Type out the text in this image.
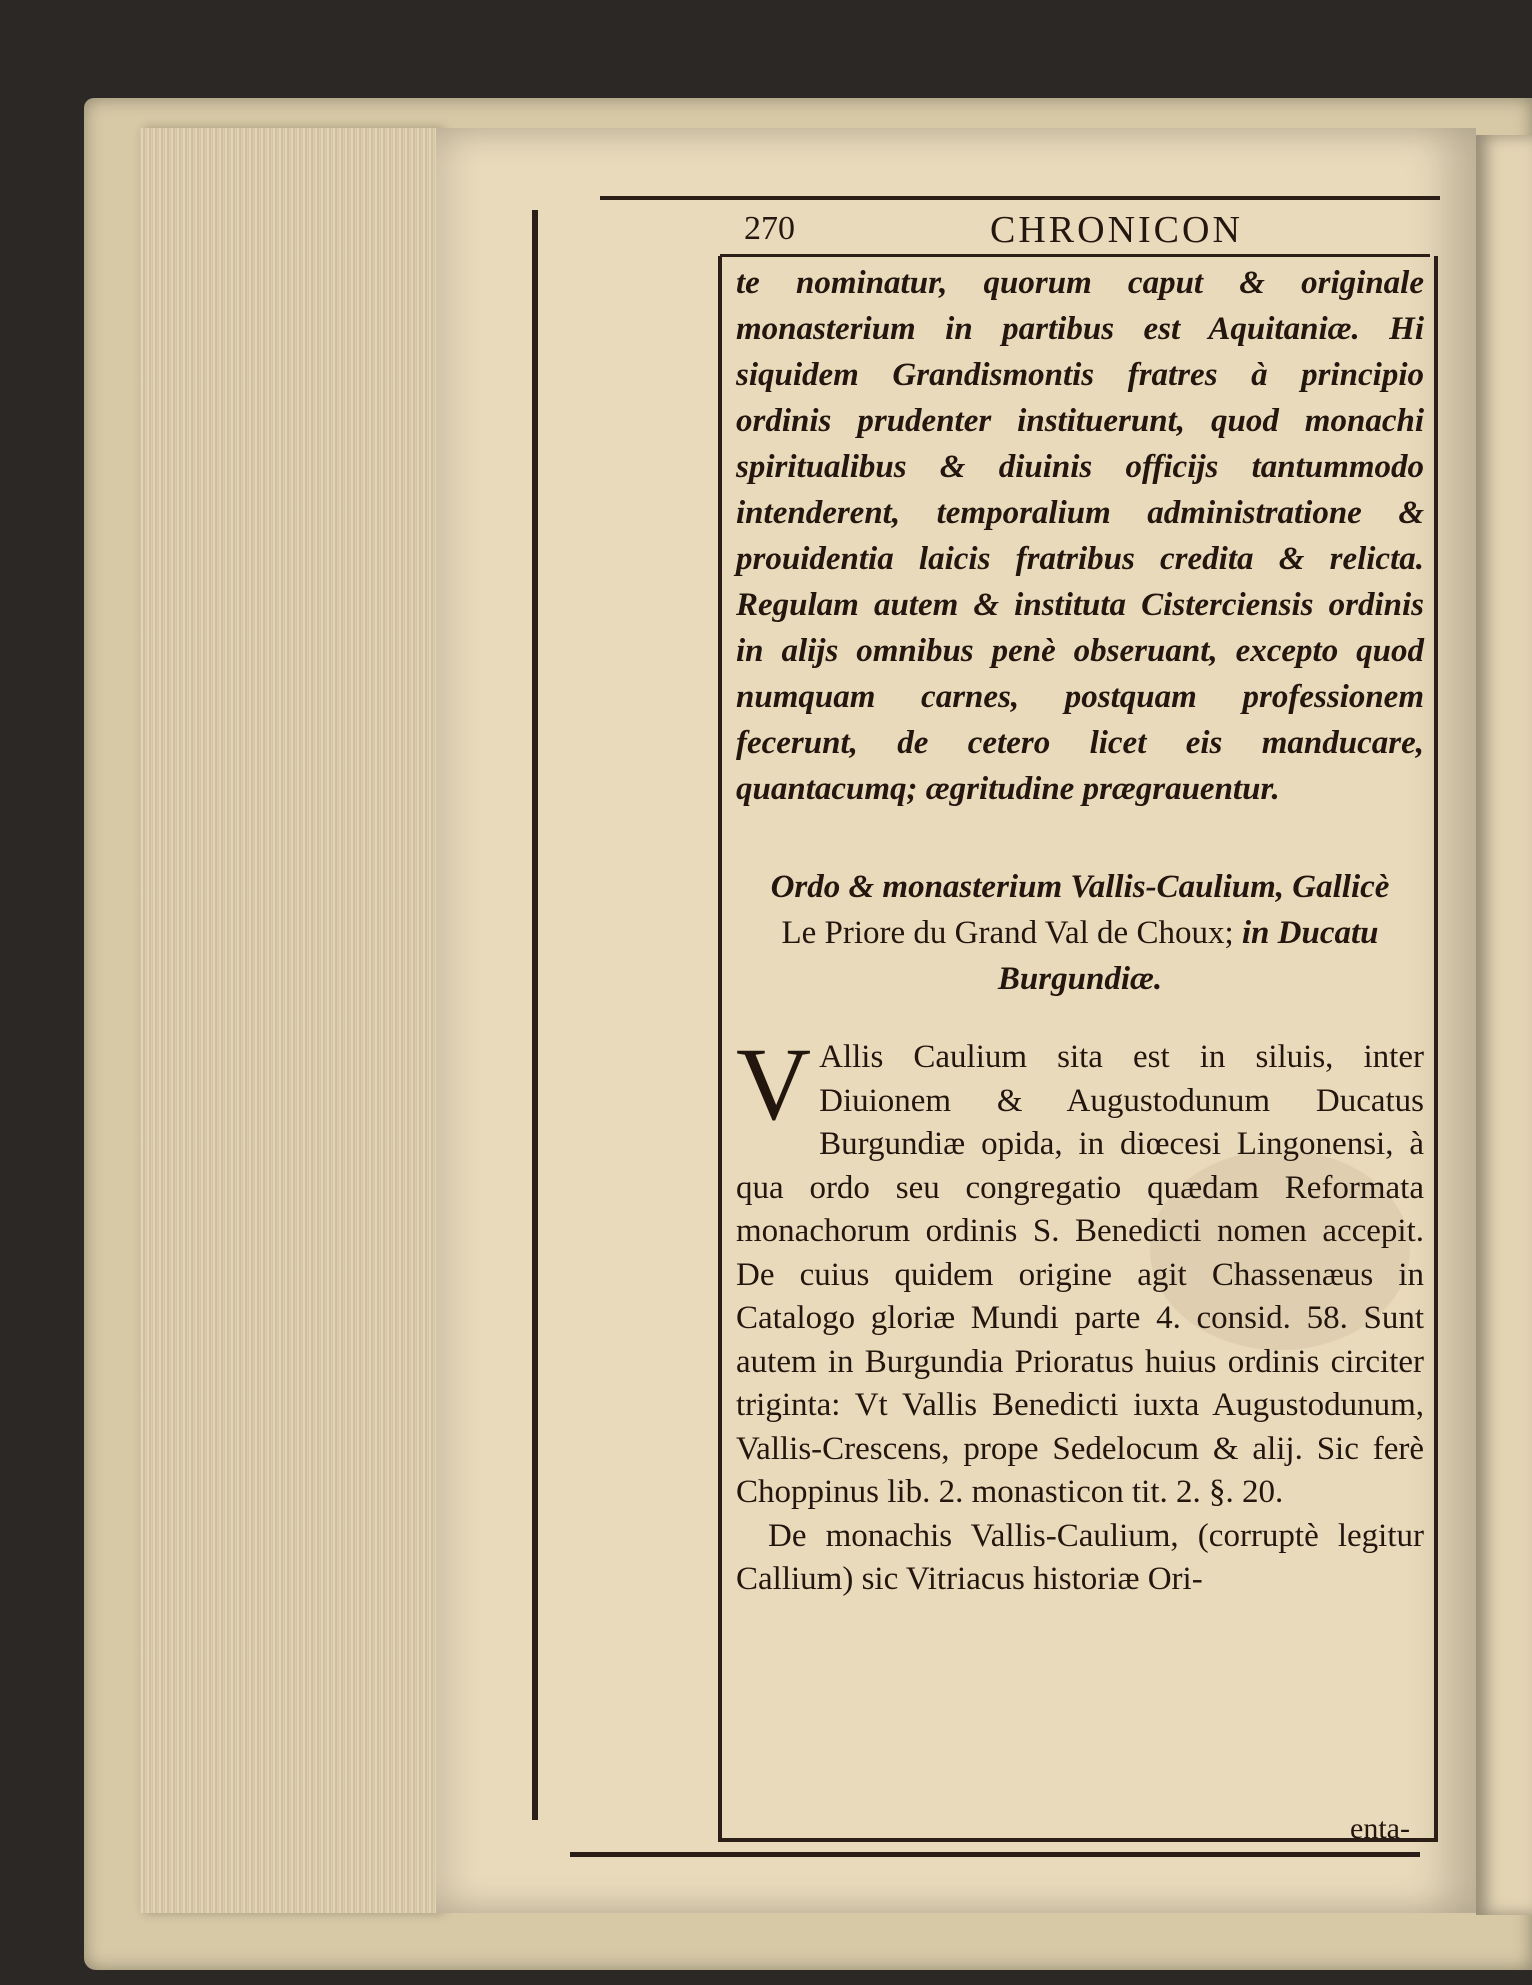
270	CHRONICON

te nominatur, quorum caput & originale monasterium in partibus est Aquitaniæ. Hi siquidem Grandismontis fratres à principio ordinis prudenter instituerunt, quod monachi spiritualibus & diuinis officijs tantummodo intenderent, temporalium administratione & prouidentia laicis fratribus credita & relicta. Regulam autem & instituta Cisterciensis ordinis in alijs omnibus penè obseruant, excepto quod numquam carnes, postquam professionem fecerunt, de cetero licet eis manducare, quantacumq; ægritudine prægrauentur.

Ordo & monasterium Vallis-Caulium, Gallicè
Le Priore du Grand Val de Choux; in Ducatu Burgundiæ.

V Allis Caulium sita est in siluis, inter Diuionem & Augustodunum Ducatus Burgundiæ opida, in diœcesi Lingonensi, à qua ordo seu congregatio quædam Reformata monachorum ordinis S. Benedicti nomen accepit. De cuius quidem origine agit Chassenæus in Catalogo gloriæ Mundi parte 4. consid. 58. Sunt autem in Burgundia Prioratus huius ordinis circiter triginta: Vt Vallis Benedicti iuxta Augustodunum, Vallis-Crescens, prope Sedelocum & alij. Sic ferè Choppinus lib. 2. monasticon tit. 2. §. 20.

De monachis Vallis-Caulium, (corruptè legitur Callium) sic Vitriacus historiæ Ori-

enta-
